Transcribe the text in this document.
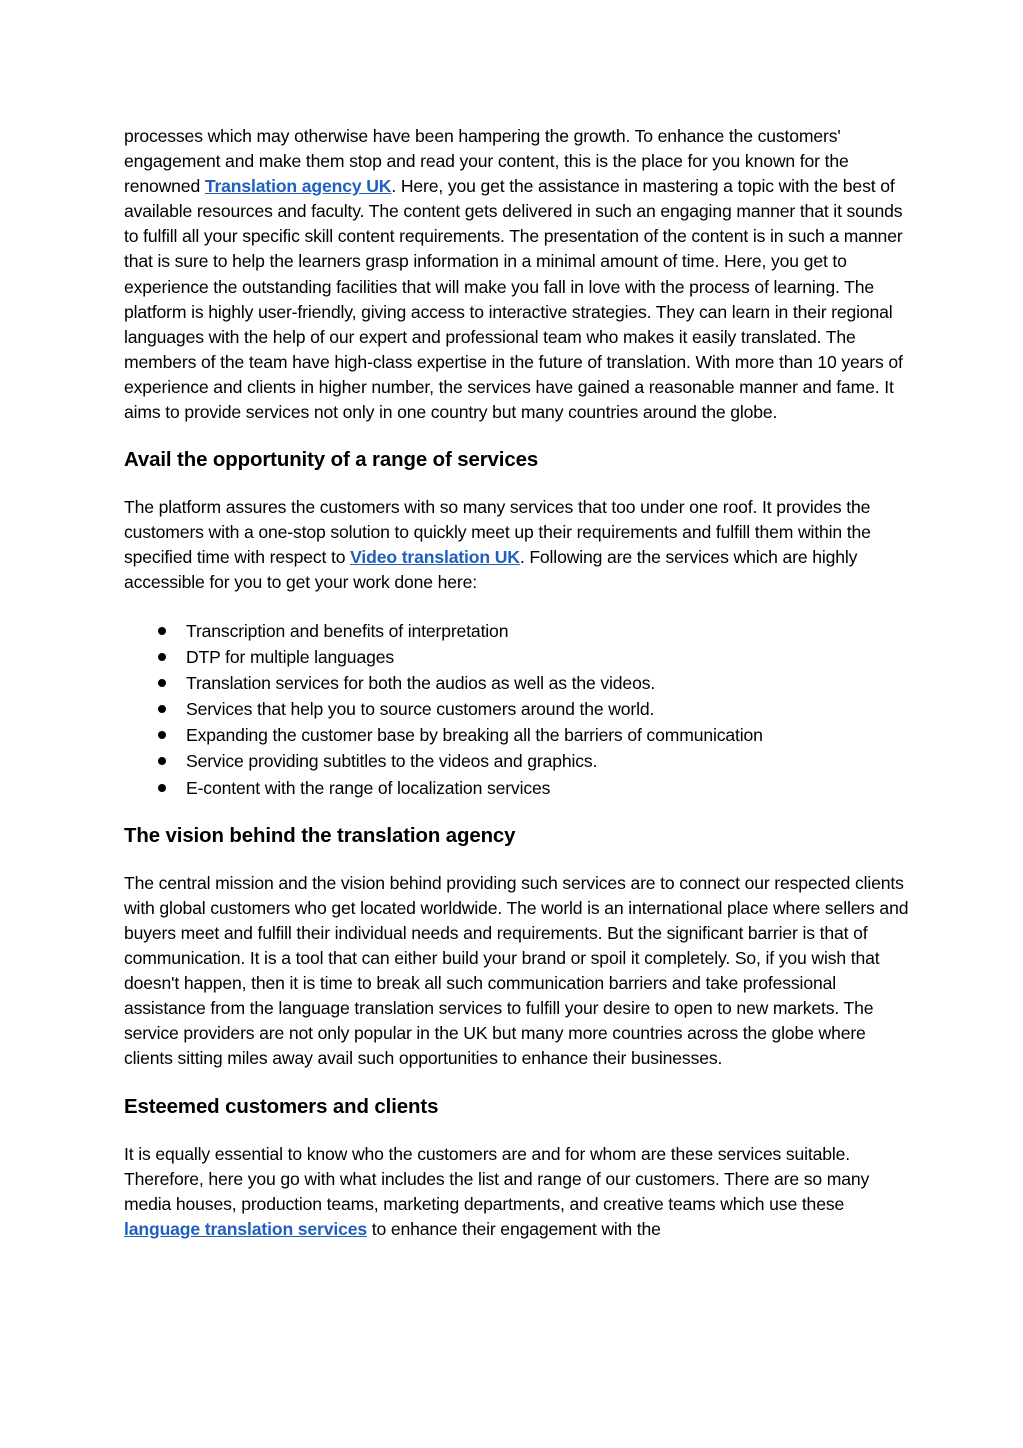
processes which may otherwise have been hampering the growth. To enhance the customers' engagement and make them stop and read your content, this is the place for you known for the renowned Translation agency UK. Here, you get the assistance in mastering a topic with the best of available resources and faculty. The content gets delivered in such an engaging manner that it sounds to fulfill all your specific skill content requirements. The presentation of the content is in such a manner that is sure to help the learners grasp information in a minimal amount of time. Here, you get to experience the outstanding facilities that will make you fall in love with the process of learning. The platform is highly user-friendly, giving access to interactive strategies. They can learn in their regional languages with the help of our expert and professional team who makes it easily translated. The members of the team have high-class expertise in the future of translation. With more than 10 years of experience and clients in higher number, the services have gained a reasonable manner and fame. It aims to provide services not only in one country but many countries around the globe.

Avail the opportunity of a range of services

The platform assures the customers with so many services that too under one roof. It provides the customers with a one-stop solution to quickly meet up their requirements and fulfill them within the specified time with respect to Video translation UK. Following are the services which are highly accessible for you to get your work done here:

Transcription and benefits of interpretation
DTP for multiple languages
Translation services for both the audios as well as the videos.
Services that help you to source customers around the world.
Expanding the customer base by breaking all the barriers of communication
Service providing subtitles to the videos and graphics.
E-content with the range of localization services
The vision behind the translation agency

The central mission and the vision behind providing such services are to connect our respected clients with global customers who get located worldwide. The world is an international place where sellers and buyers meet and fulfill their individual needs and requirements. But the significant barrier is that of communication. It is a tool that can either build your brand or spoil it completely. So, if you wish that doesn't happen, then it is time to break all such communication barriers and take professional assistance from the language translation services to fulfill your desire to open to new markets. The service providers are not only popular in the UK but many more countries across the globe where clients sitting miles away avail such opportunities to enhance their businesses.

Esteemed customers and clients

It is equally essential to know who the customers are and for whom are these services suitable. Therefore, here you go with what includes the list and range of our customers. There are so many media houses, production teams, marketing departments, and creative teams which use these language translation services to enhance their engagement with the
